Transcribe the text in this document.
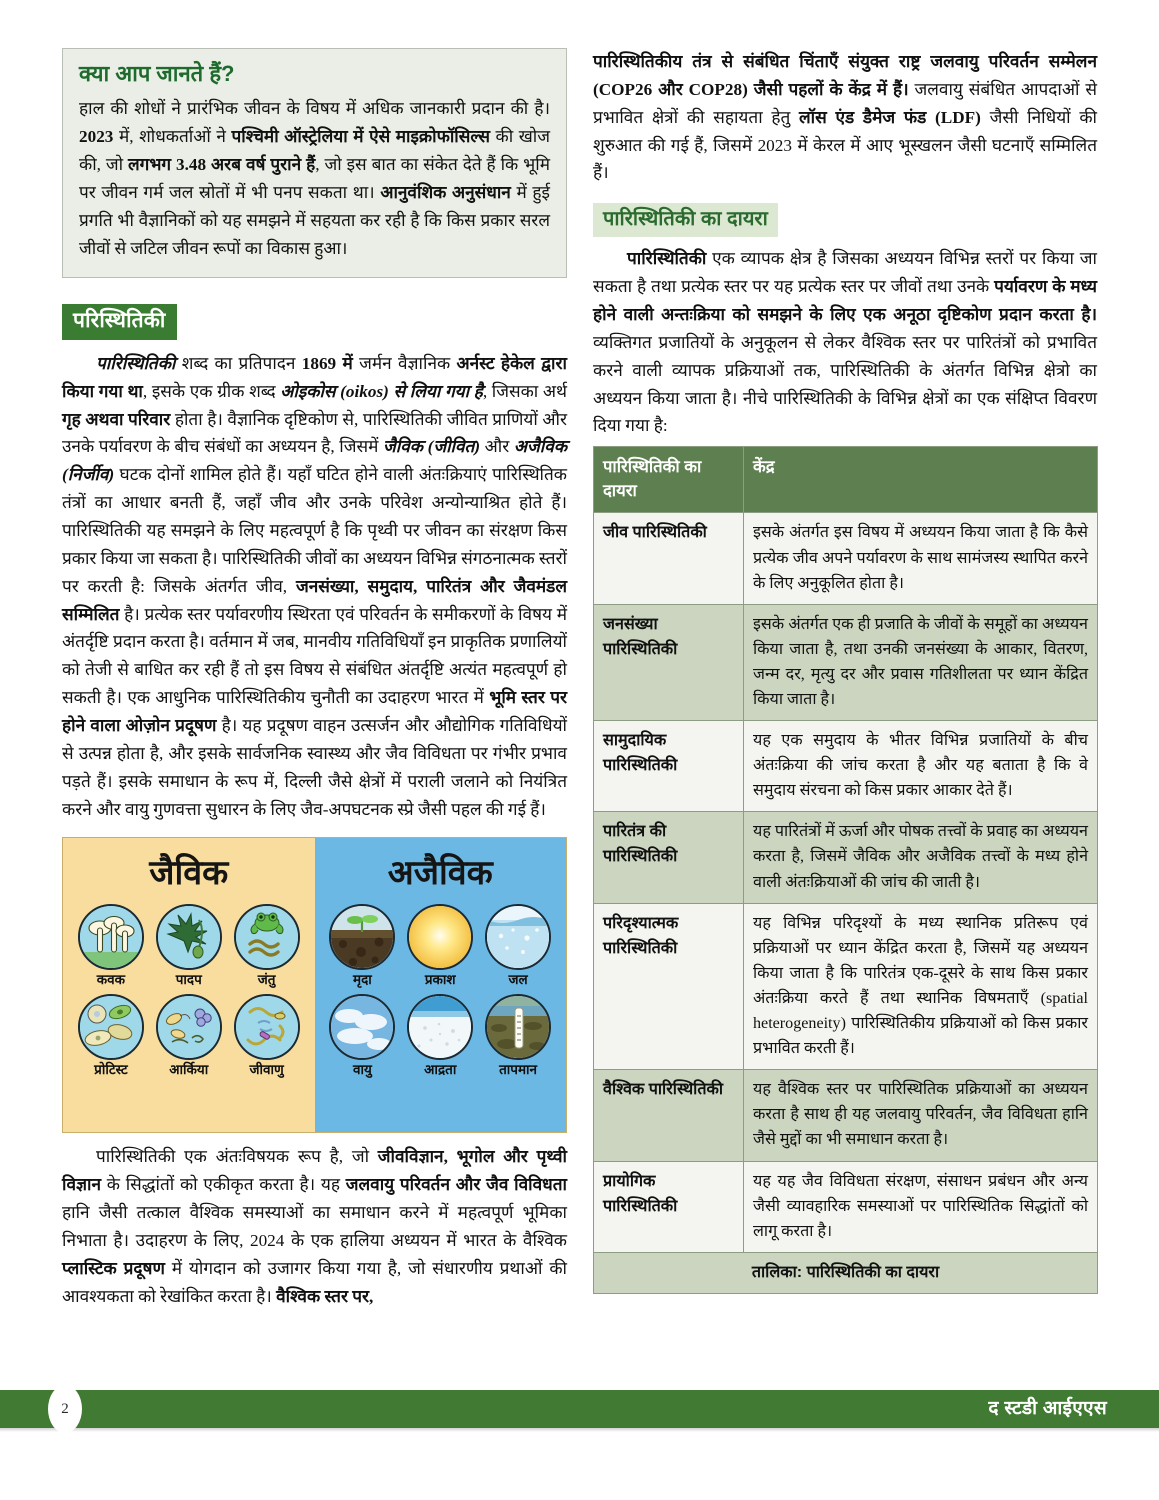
क्या आप जानते हैं?

हाल की शोधों ने प्रारंभिक जीवन के विषय में अधिक जानकारी प्रदान की है। 2023 में, शोधकर्ताओं ने पश्चिमी ऑस्ट्रेलिया में ऐसे माइक्रोफॉसिल्स की खोज की, जो लगभग 3.48 अरब वर्ष पुराने हैं, जो इस बात का संकेत देते हैं कि भूमि पर जीवन गर्म जल स्रोतों में भी पनप सकता था। आनुवंशिक अनुसंधान में हुई प्रगति भी वैज्ञानिकों को यह समझने में सहयता कर रही है कि किस प्रकार सरल जीवों से जटिल जीवन रूपों का विकास हुआ।

परिस्थितिकी

पारिस्थितिकी शब्द का प्रतिपादन 1869 में जर्मन वैज्ञानिक अर्नस्ट हेकेल द्वारा किया गया था, इसके एक ग्रीक शब्द ओइकोस (oikos) से लिया गया है, जिसका अर्थ गृह अथवा परिवार होता है। वैज्ञानिक दृष्टिकोण से, पारिस्थितिकी जीवित प्राणियों और उनके पर्यावरण के बीच संबंधों का अध्ययन है, जिसमें जैविक (जीवित) और अजैविक (निर्जीव) घटक दोनों शामिल होते हैं। यहाँ घटित होने वाली अंतःक्रियाएं पारिस्थितिक तंत्रों का आधार बनती हैं, जहाँ जीव और उनके परिवेश अन्योन्याश्रित होते हैं। पारिस्थितिकी यह समझने के लिए महत्वपूर्ण है कि पृथ्वी पर जीवन का संरक्षण किस प्रकार किया जा सकता है। पारिस्थितिकी जीवों का अध्ययन विभिन्न संगठनात्मक स्तरों पर करती है: जिसके अंतर्गत जीव, जनसंख्या, समुदाय, पारितंत्र और जैवमंडल सम्मिलित है। प्रत्येक स्तर पर्यावरणीय स्थिरता एवं परिवर्तन के समीकरणों के विषय में अंतर्दृष्टि प्रदान करता है। वर्तमान में जब, मानवीय गतिविधियाँ इन प्राकृतिक प्रणालियों को तेजी से बाधित कर रही हैं तो इस विषय से संबंधित अंतर्दृष्टि अत्यंत महत्वपूर्ण हो सकती है। एक आधुनिक पारिस्थितिकीय चुनौती का उदाहरण भारत में भूमि स्तर पर होने वाला ओज़ोन प्रदूषण है। यह प्रदूषण वाहन उत्सर्जन और औद्योगिक गतिविधियों से उत्पन्न होता है, और इसके सार्वजनिक स्वास्थ्य और जैव विविधता पर गंभीर प्रभाव पड़ते हैं। इसके समाधान के रूप में, दिल्ली जैसे क्षेत्रों में पराली जलाने को नियंत्रित करने और वायु गुणवत्ता सुधारन के लिए जैव-अपघटनक स्प्रे जैसी पहल की गई हैं।

जैविक
कवक	पादप	जंतु
प्रोटिस्ट	आर्किया	जीवाणु
अजैविक
मृदा	प्रकाश	जल
वायु	आद्रता	तापमान

पारिस्थितिकी एक अंतःविषयक रूप है, जो जीवविज्ञान, भूगोल और पृथ्वी विज्ञान के सिद्धांतों को एकीकृत करता है। यह जलवायु परिवर्तन और जैव विविधता हानि जैसी तत्काल वैश्विक समस्याओं का समाधान करने में महत्वपूर्ण भूमिका निभाता है। उदाहरण के लिए, 2024 के एक हालिया अध्ययन में भारत के वैश्विक प्लास्टिक प्रदूषण में योगदान को उजागर किया गया है, जो संधारणीय प्रथाओं की आवश्यकता को रेखांकित करता है। वैश्विक स्तर पर,

पारिस्थितिकीय तंत्र से संबंधित चिंताएँ संयुक्त राष्ट्र जलवायु परिवर्तन सम्मेलन (COP26 और COP28) जैसी पहलों के केंद्र में हैं। जलवायु संबंधित आपदाओं से प्रभावित क्षेत्रों की सहायता हेतु लॉस एंड डैमेज फंड (LDF) जैसी निधियों की शुरुआत की गई हैं, जिसमें 2023 में केरल में आए भूस्खलन जैसी घटनाएँ सम्मिलित हैं।

पारिस्थितिकी का दायरा

पारिस्थितिकी एक व्यापक क्षेत्र है जिसका अध्ययन विभिन्न स्तरों पर किया जा सकता है तथा प्रत्येक स्तर पर यह प्रत्येक स्तर पर जीवों तथा उनके पर्यावरण के मध्य होने वाली अन्तःक्रिया को समझने के लिए एक अनूठा दृष्टिकोण प्रदान करता है। व्यक्तिगत प्रजातियों के अनुकूलन से लेकर वैश्विक स्तर पर पारितंत्रों को प्रभावित करने वाली व्यापक प्रक्रियाओं तक, पारिस्थितिकी के अंतर्गत विभिन्न क्षेत्रो का अध्ययन किया जाता है। नीचे पारिस्थितिकी के विभिन्न क्षेत्रों का एक संक्षिप्त विवरण दिया गया है:

पारिस्थितिकी का दायरा	केंद्र
जीव पारिस्थितिकी	इसके अंतर्गत इस विषय में अध्ययन किया जाता है कि कैसे प्रत्येक जीव अपने पर्यावरण के साथ सामंजस्य स्थापित करने के लिए अनुकूलित होता है।
जनसंख्या पारिस्थितिकी	इसके अंतर्गत एक ही प्रजाति के जीवों के समूहों का अध्ययन किया जाता है, तथा उनकी जनसंख्या के आकार, वितरण, जन्म दर, मृत्यु दर और प्रवास गतिशीलता पर ध्यान केंद्रित किया जाता है।
सामुदायिक पारिस्थितिकी	यह एक समुदाय के भीतर विभिन्न प्रजातियों के बीच अंतःक्रिया की जांच करता है और यह बताता है कि वे समुदाय संरचना को किस प्रकार आकार देते हैं।
पारितंत्र की पारिस्थितिकी	यह पारितंत्रों में ऊर्जा और पोषक तत्त्वों के प्रवाह का अध्ययन करता है, जिसमें जैविक और अजैविक तत्त्वों के मध्य होने वाली अंतःक्रियाओं की जांच की जाती है।
परिदृश्यात्मक पारिस्थितिकी	यह विभिन्न परिदृश्यों के मध्य स्थानिक प्रतिरूप एवं प्रक्रियाओं पर ध्यान केंद्रित करता है, जिसमें यह अध्ययन किया जाता है कि पारितंत्र एक-दूसरे के साथ किस प्रकार अंतःक्रिया करते हैं तथा स्थानिक विषमताएँ (spatial heterogeneity) पारिस्थितिकीय प्रक्रियाओं को किस प्रकार प्रभावित करती हैं।
वैश्विक पारिस्थितिकी	यह वैश्विक स्तर पर पारिस्थितिक प्रक्रियाओं का अध्ययन करता है साथ ही यह जलवायु परिवर्तन, जैव विविधता हानि जैसे मुद्दों का भी समाधान करता है।
प्रायोगिक पारिस्थितिकी	यह यह जैव विविधता संरक्षण, संसाधन प्रबंधन और अन्य जैसी व्यावहारिक समस्याओं पर पारिस्थितिक सिद्धांतों को लागू करता है।
तालिका: पारिस्थितिकी का दायरा	
2	द स्टडी आईएएस
